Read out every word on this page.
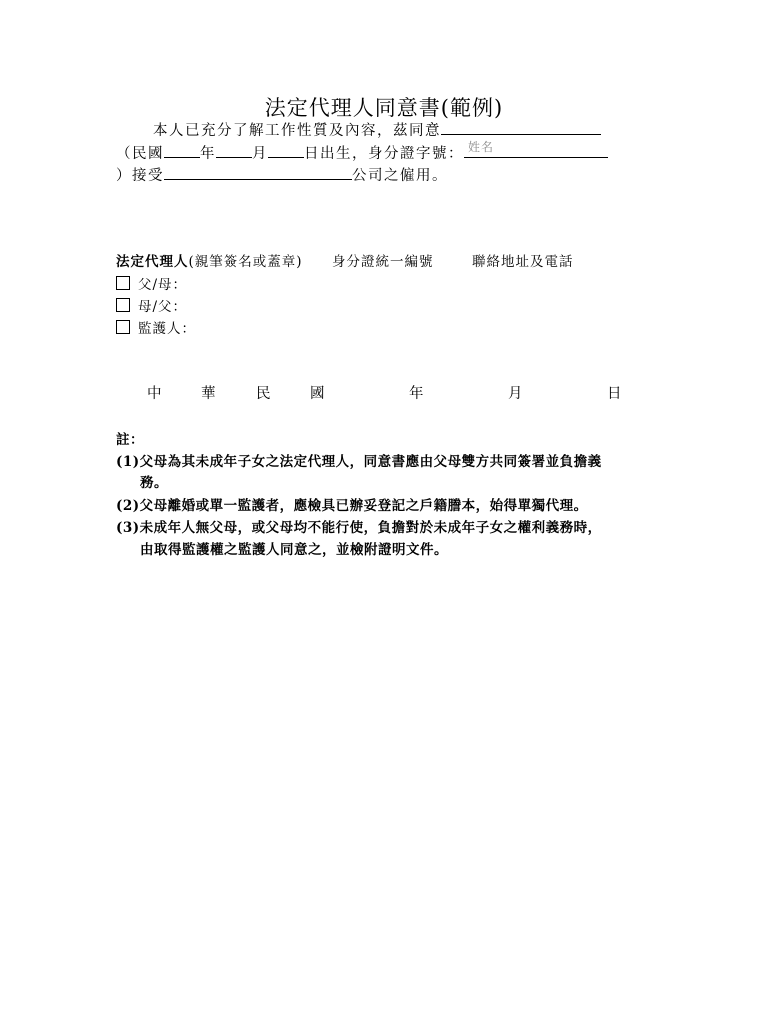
法定代理人同意書(範例)
本人已充分了解工作性質及內容，茲同意
（民國 年 月 日出生，身分證字號： 姓名
）接受	公司之僱用。
法定代理人(親筆簽名或蓋章) 身分證統一編號	聯絡地址及電話
父/母：
母/父：
監護人：
中	華	民	國	年	月	日
註：
(1)父母為其未成年子女之法定代理人，同意書應由父母雙方共同簽署並負擔義
務。
(2)父母離婚或單一監護者，應檢具已辦妥登記之戶籍謄本，始得單獨代理。
(3)未成年人無父母，或父母均不能行使，負擔對於未成年子女之權利義務時，
由取得監護權之監護人同意之，並檢附證明文件。
